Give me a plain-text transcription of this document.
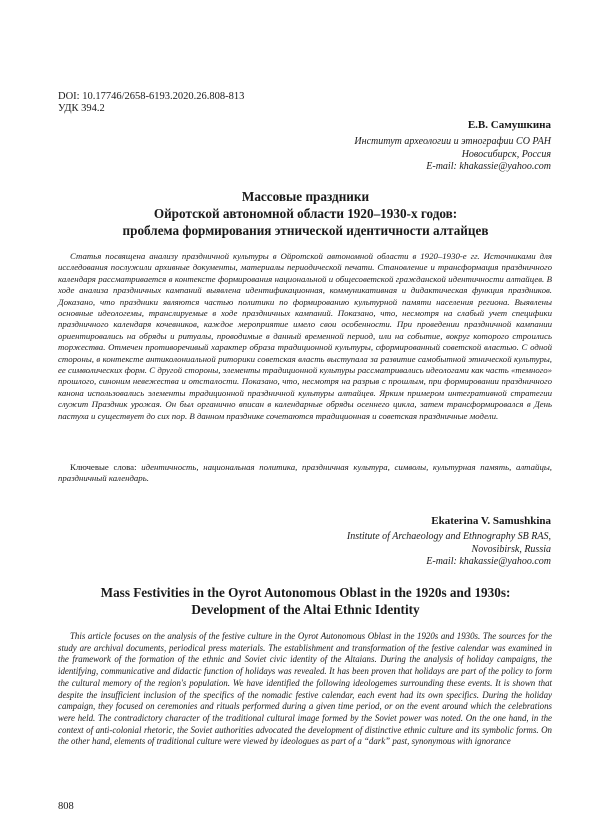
DOI: 10.17746/2658-6193.2020.26.808-813
УДК 394.2
Е.В. Самушкина
Институт археологии и этнографии СО РАН
Новосибирск, Россия
E-mail: khakassie@yahoo.com
Массовые праздники
Ойротской автономной области 1920–1930-х годов:
проблема формирования этнической идентичности алтайцев

Статья посвящена анализу праздничной культуры в Ойротской автономной области в 1920–1930-е гг. Источниками для исследования послужили архивные документы, материалы периодической печати. Становление и трансформация праздничного календаря рассматривается в контексте формирования национальной и общесоветской гражданской идентичности алтайцев. В ходе анализа праздничных кампаний выявлена идентификационная, коммуникативная и дидактическая функция праздников. Доказано, что праздники являются частью политики по формированию культурной памяти населения региона. Выявлены основные идеологемы, транслируемые в ходе праздничных кампаний. Показано, что, несмотря на слабый учет специфики праздничного календаря кочевников, каждое мероприятие имело свои особенности. При проведении праздничной кампании ориентировались на обряды и ритуалы, проводимые в данный временной период, или на событие, вокруг которого строились торжества. Отмечен противоречивый характер образа традиционной культуры, сформированный советской властью. С одной стороны, в контексте антиколониальной риторики советская власть выступала за развитие самобытной этнической культуры, ее символических форм. С другой стороны, элементы традиционной культуры рассматривались идеологами как часть «темного» прошлого, синоним невежества и отсталости. Показано, что, несмотря на разрыв с прошлым, при формировании праздничного канона использовались элементы традиционной праздничной культуры алтайцев. Ярким примером интегративной стратегии служит Праздник урожая. Он был органично вписан в календарные обряды осеннего цикла, затем трансформировался в День пастуха и существует до сих пор. В данном празднике сочетаются традиционная и советская праздничные модели.

Ключевые слова: идентичность, национальная политика, праздничная культура, символы, культурная память, алтайцы, праздничный календарь.

Ekaterina V. Samushkina
Institute of Archaeology and Ethnography SB RAS,
Novosibirsk, Russia
E-mail: khakassie@yahoo.com
Mass Festivities in the Oyrot Autonomous Oblast in the 1920s and 1930s:
Development of the Altai Ethnic Identity

This article focuses on the analysis of the festive culture in the Oyrot Autonomous Oblast in the 1920s and 1930s. The sources for the study are archival documents, periodical press materials. The establishment and transformation of the festive calendar was examined in the framework of the formation of the ethnic and Soviet civic identity of the Altaians. During the analysis of holiday campaigns, the identifying, communicative and didactic function of holidays was revealed. It has been proven that holidays are part of the policy to form the cultural memory of the region's population. We have identified the following ideologemes surrounding these events. It is shown that despite the insufficient inclusion of the specifics of the nomadic festive calendar, each event had its own specifics. During the holiday campaign, they focused on ceremonies and rituals performed during a given time period, or on the event around which the celebrations were held. The contradictory character of the traditional cultural image formed by the Soviet power was noted. On the one hand, in the context of anti-colonial rhetoric, the Soviet authorities advocated the development of distinctive ethnic culture and its symbolic forms. On the other hand, elements of traditional culture were viewed by ideologues as part of a “dark” past, synonymous with ignorance

808
